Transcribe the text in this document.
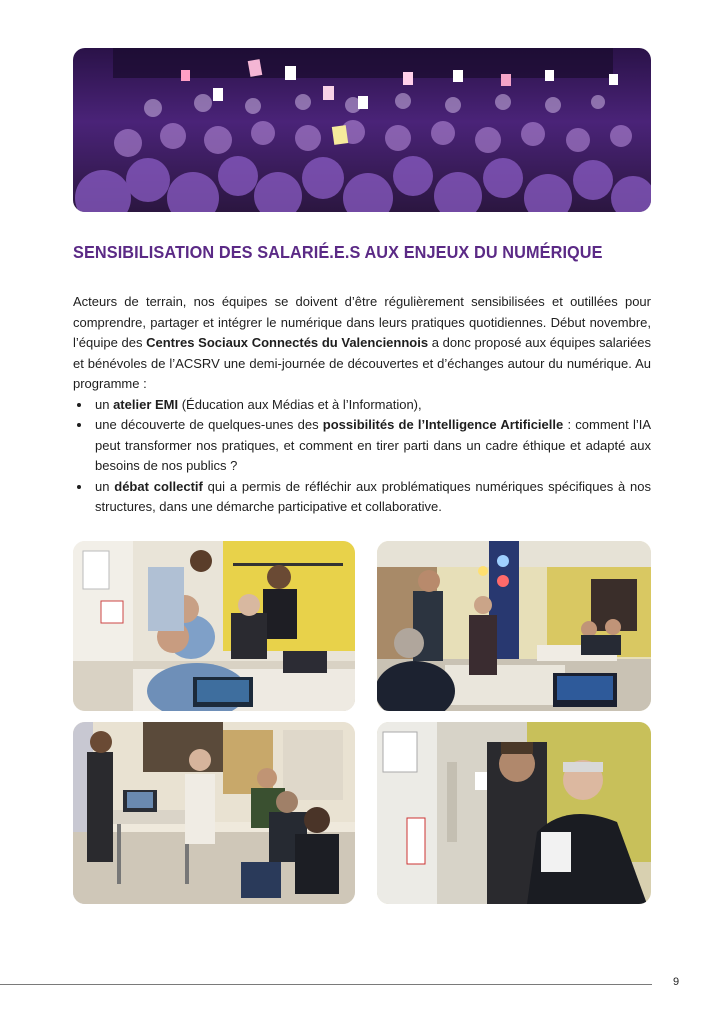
SENSIBILISATION DES SALARIÉ.E.S AUX ENJEUX DU NUMÉRIQUE

Acteurs de terrain, nos équipes se doivent d’être régulièrement sensibilisées et outillées pour comprendre, partager et intégrer le numérique dans leurs pratiques quotidiennes. Début novembre, l’équipe des Centres Sociaux Connectés du Valenciennois a donc proposé aux équipes salariées et bénévoles de l’ACSRV une demi-journée de découvertes et d’échanges autour du numérique. Au programme :

• un atelier EMI (Éducation aux Médias et à l’Information),
• une découverte de quelques-unes des possibilités de l’Intelligence Artificielle : comment l’IA peut transformer nos pratiques, et comment en tirer parti dans un cadre éthique et adapté aux besoins de nos publics ?
• un débat collectif qui a permis de réfléchir aux problématiques numériques spécifiques à nos structures, dans une démarche participative et collaborative.
9
